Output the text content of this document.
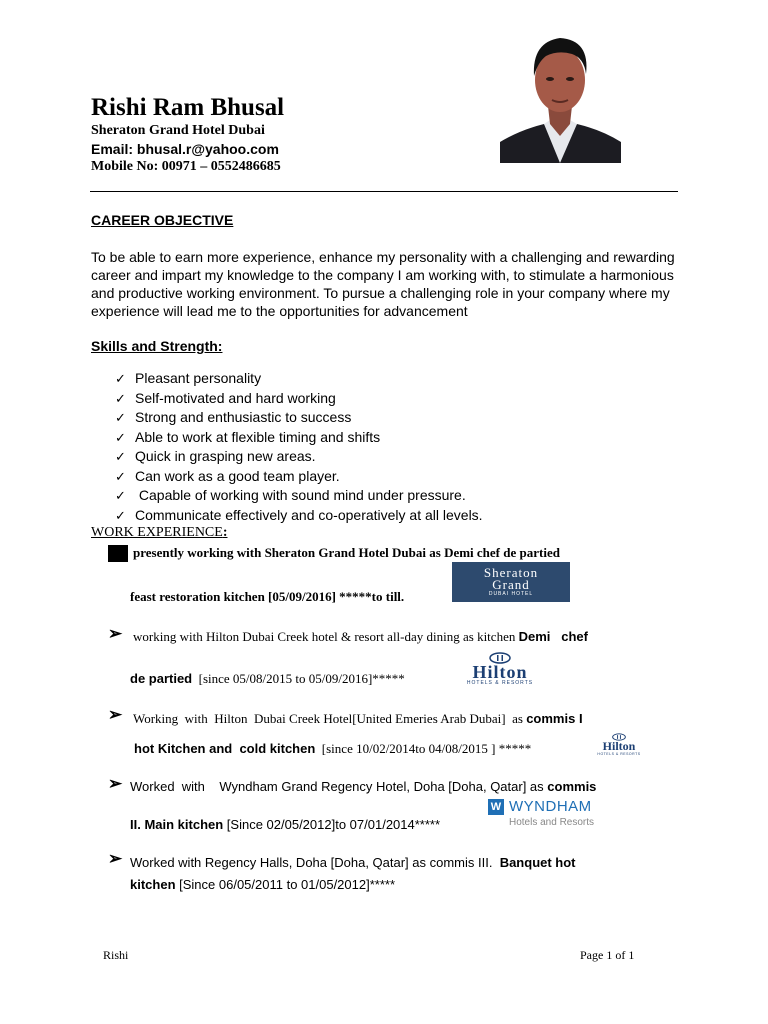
Rishi Ram Bhusal
Sheraton Grand Hotel Dubai
Email: bhusal.r@yahoo.com
Mobile No: 00971 – 0552486685
CAREER OBJECTIVE
To be able to earn more experience, enhance my personality with a challenging and rewarding career and impart my knowledge to the company I am working with, to stimulate a harmonious and productive working environment. To pursue a challenging role in your company where my experience will lead me to the opportunities for advancement
Skills and Strength:
✓ Pleasant personality
✓ Self-motivated and hard working
✓ Strong and enthusiastic to success
✓ Able to work at flexible timing and shifts
✓ Quick in grasping new areas.
✓ Can work as a good team player.
✓ Capable of working with sound mind under pressure.
✓ Communicate effectively and co-operatively at all levels.
WORK EXPERIENCE:
presently working with Sheraton Grand Hotel Dubai as Demi chef de partied
feast restoration kitchen [05/09/2016] *****to till.
Sheraton
Grand
DUBAI HOTEL
➢ working with Hilton Dubai Creek hotel & resort all-day dining as kitchen Demi   chef
de partied  [since 05/08/2015 to 05/09/2016]*****	Hilton
HOTELS & RESORTS
➢ Working  with  Hilton  Dubai Creek Hotel[United Emeries Arab Dubai]  as commis I
hot Kitchen and  cold kitchen  [since 10/02/2014to 04/08/2015 ] *****	Hilton
HOTELS & RESORTS
➢ Worked  with    Wyndham Grand Regency Hotel, Doha [Doha, Qatar] as commis
II. Main kitchen [Since 02/05/2012]to 07/01/2014*****
W WYNDHAM
Hotels and Resorts
➢ Worked with Regency Halls, Doha [Doha, Qatar] as commis III.  Banquet hot
kitchen [Since 06/05/2011 to 01/05/2012]*****
Rishi	Page 1 of 1
